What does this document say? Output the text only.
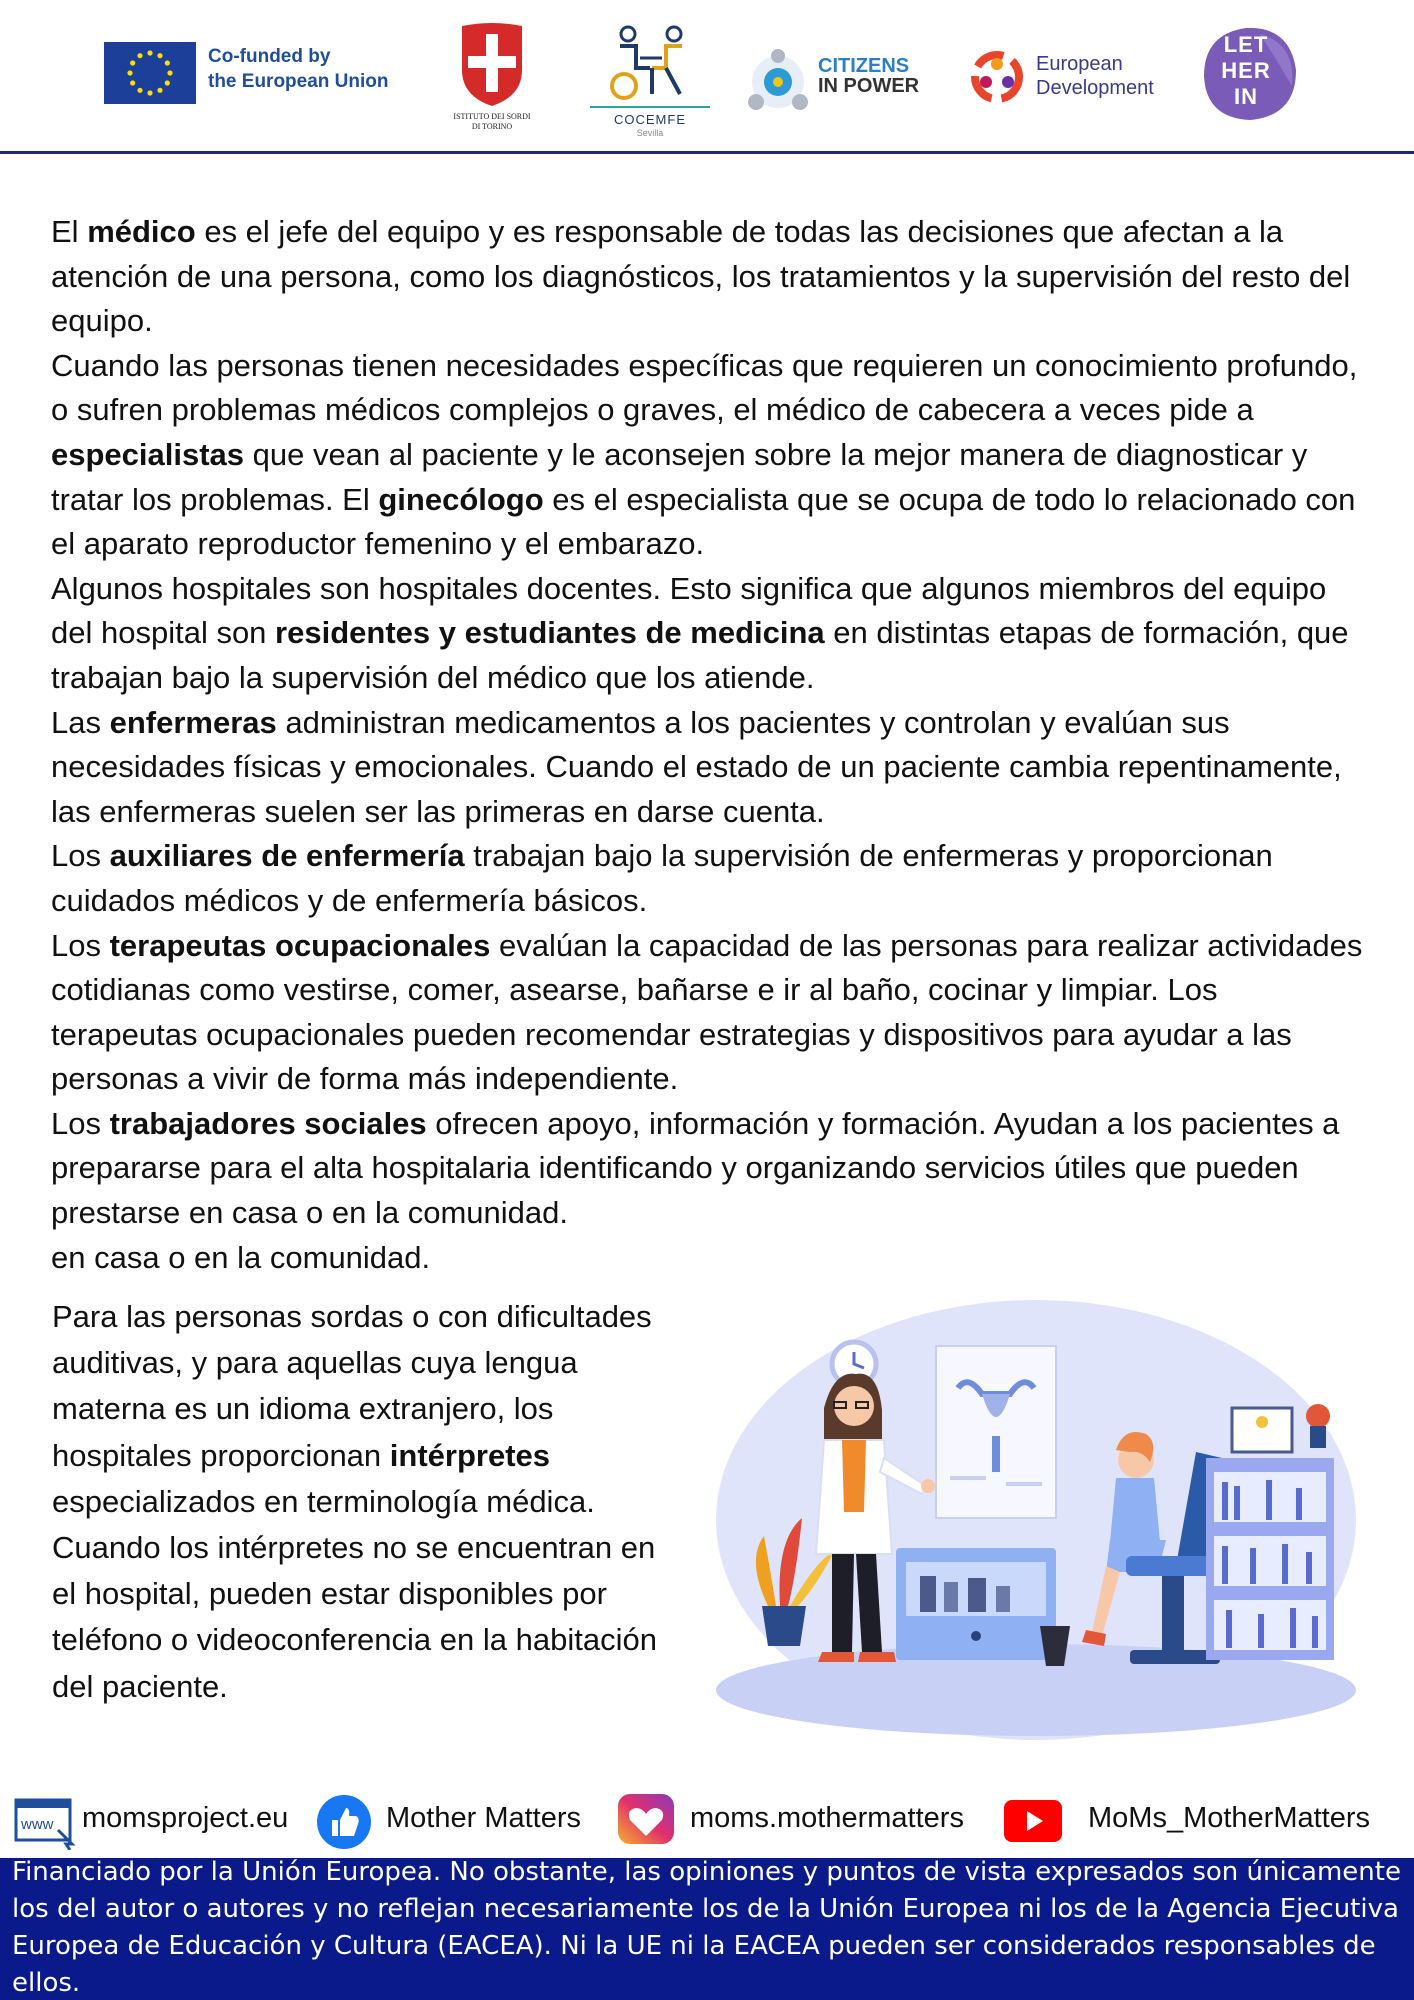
Co-funded by
the European Union
ISTITUTO DEI SORDI
DI TORINO	COCEMFE
Sevilla
CITIZENS
IN POWER
European
Development
LET
HER
IN

El médico es el jefe del equipo y es responsable de todas las decisiones que afectan a la atención de una persona, como los diagnósticos, los tratamientos y la supervisión del resto del equipo.

Cuando las personas tienen necesidades específicas que requieren un conocimiento profundo, o sufren problemas médicos complejos o graves, el médico de cabecera a veces pide a especialistas que vean al paciente y le aconsejen sobre la mejor manera de diagnosticar y tratar los problemas. El ginecólogo es el especialista que se ocupa de todo lo relacionado con el aparato reproductor femenino y el embarazo.

Algunos hospitales son hospitales docentes. Esto significa que algunos miembros del equipo del hospital son residentes y estudiantes de medicina en distintas etapas de formación, que trabajan bajo la supervisión del médico que los atiende.

Las enfermeras administran medicamentos a los pacientes y controlan y evalúan sus necesidades físicas y emocionales. Cuando el estado de un paciente cambia repentinamente, las enfermeras suelen ser las primeras en darse cuenta.

Los auxiliares de enfermería trabajan bajo la supervisión de enfermeras y proporcionan cuidados médicos y de enfermería básicos.

Los terapeutas ocupacionales evalúan la capacidad de las personas para realizar actividades cotidianas como vestirse, comer, asearse, bañarse e ir al baño, cocinar y limpiar. Los terapeutas ocupacionales pueden recomendar estrategias y dispositivos para ayudar a las personas a vivir de forma más independiente.

Los trabajadores sociales ofrecen apoyo, información y formación. Ayudan a los pacientes a prepararse para el alta hospitalaria identificando y organizando servicios útiles que pueden prestarse en casa o en la comunidad.

en casa o en la comunidad.

Para las personas sordas o con dificultades auditivas, y para aquellas cuya lengua materna es un idioma extranjero, los hospitales proporcionan intérpretes especializados en terminología médica. Cuando los intérpretes no se encuentran en el hospital, pueden estar disponibles por teléfono o videoconferencia en la habitación del paciente.

www momsproject.eu	Mother Matters	moms.mothermatters	MoMs_MotherMatters

Financiado por la Unión Europea. No obstante, las opiniones y puntos de vista expresados son únicamente los del autor o autores y no reflejan necesariamente los de la Unión Europea ni los de la Agencia Ejecutiva Europea de Educación y Cultura (EACEA). Ni la UE ni la EACEA pueden ser considerados responsables de ellos.
